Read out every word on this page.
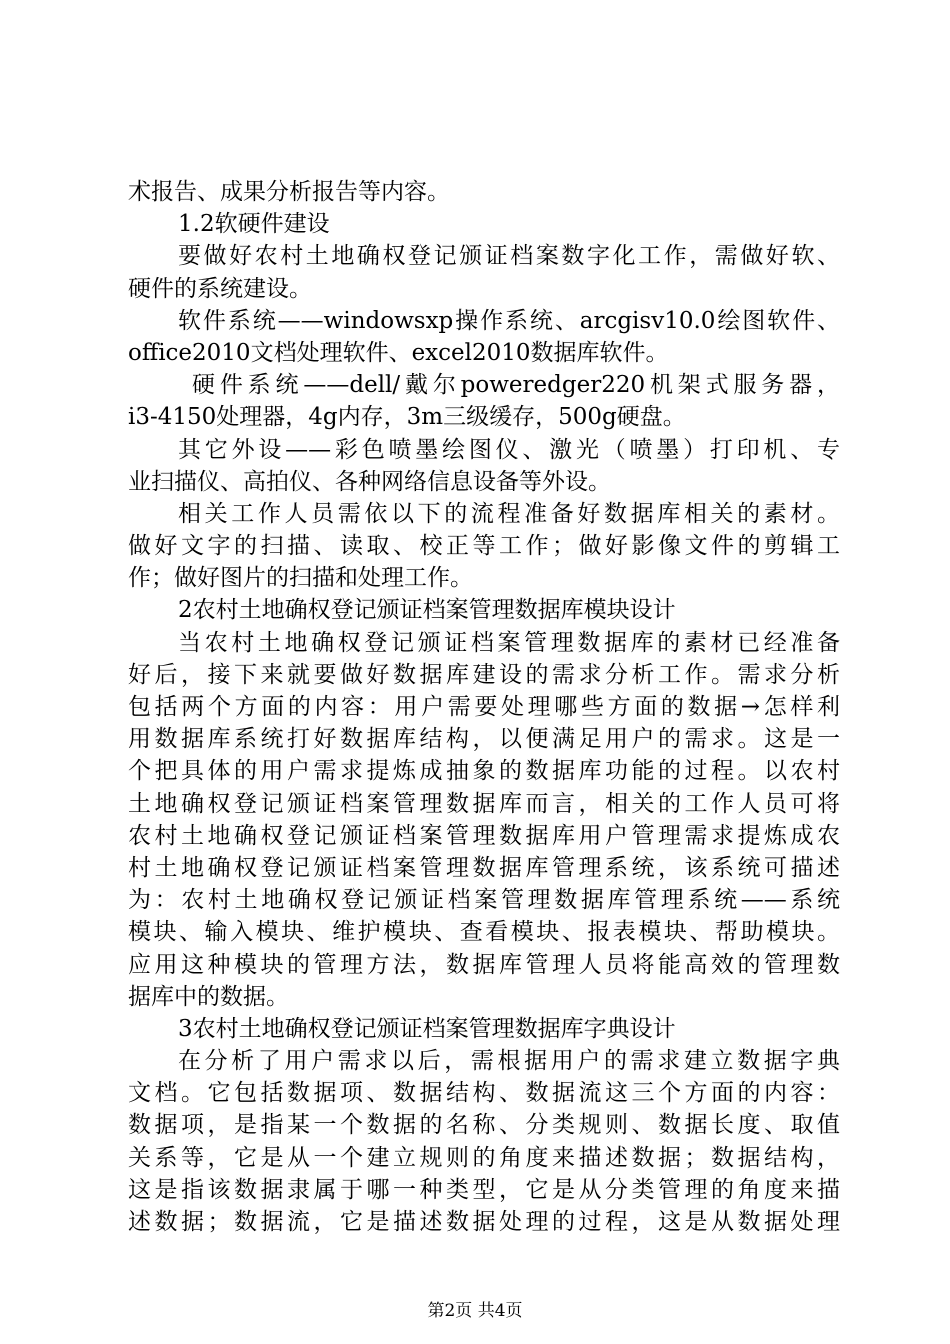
术报告、成果分析报告等内容。
1.2软硬件建设
要做好农村土地确权登记颁证档案数字化工作，需做好软、
硬件的系统建设。
软件系统——windowsxp操作系统、arcgisv10.0绘图软件、
office2010文档处理软件、excel2010数据库软件。
硬件系统——dell/戴尔poweredger220机架式服务器，
i3-4150处理器，4g内存，3m三级缓存，500g硬盘。
其它外设——彩色喷墨绘图仪、激光（喷墨）打印机、专
业扫描仪、高拍仪、各种网络信息设备等外设。
相关工作人员需依以下的流程准备好数据库相关的素材。
做好文字的扫描、读取、校正等工作；做好影像文件的剪辑工
作；做好图片的扫描和处理工作。
2农村土地确权登记颁证档案管理数据库模块设计
当农村土地确权登记颁证档案管理数据库的素材已经准备
好后，接下来就要做好数据库建设的需求分析工作。需求分析
包括两个方面的内容：用户需要处理哪些方面的数据→怎样利
用数据库系统打好数据库结构，以便满足用户的需求。这是一
个把具体的用户需求提炼成抽象的数据库功能的过程。以农村
土地确权登记颁证档案管理数据库而言，相关的工作人员可将
农村土地确权登记颁证档案管理数据库用户管理需求提炼成农
村土地确权登记颁证档案管理数据库管理系统，该系统可描述
为：农村土地确权登记颁证档案管理数据库管理系统——系统
模块、输入模块、维护模块、查看模块、报表模块、帮助模块。
应用这种模块的管理方法，数据库管理人员将能高效的管理数
据库中的数据。
3农村土地确权登记颁证档案管理数据库字典设计
在分析了用户需求以后，需根据用户的需求建立数据字典
文档。它包括数据项、数据结构、数据流这三个方面的内容：
数据项，是指某一个数据的名称、分类规则、数据长度、取值
关系等，它是从一个建立规则的角度来描述数据；数据结构，
这是指该数据隶属于哪一种类型，它是从分类管理的角度来描
述数据；数据流，它是描述数据处理的过程，这是从数据处理
第2页 共4页
